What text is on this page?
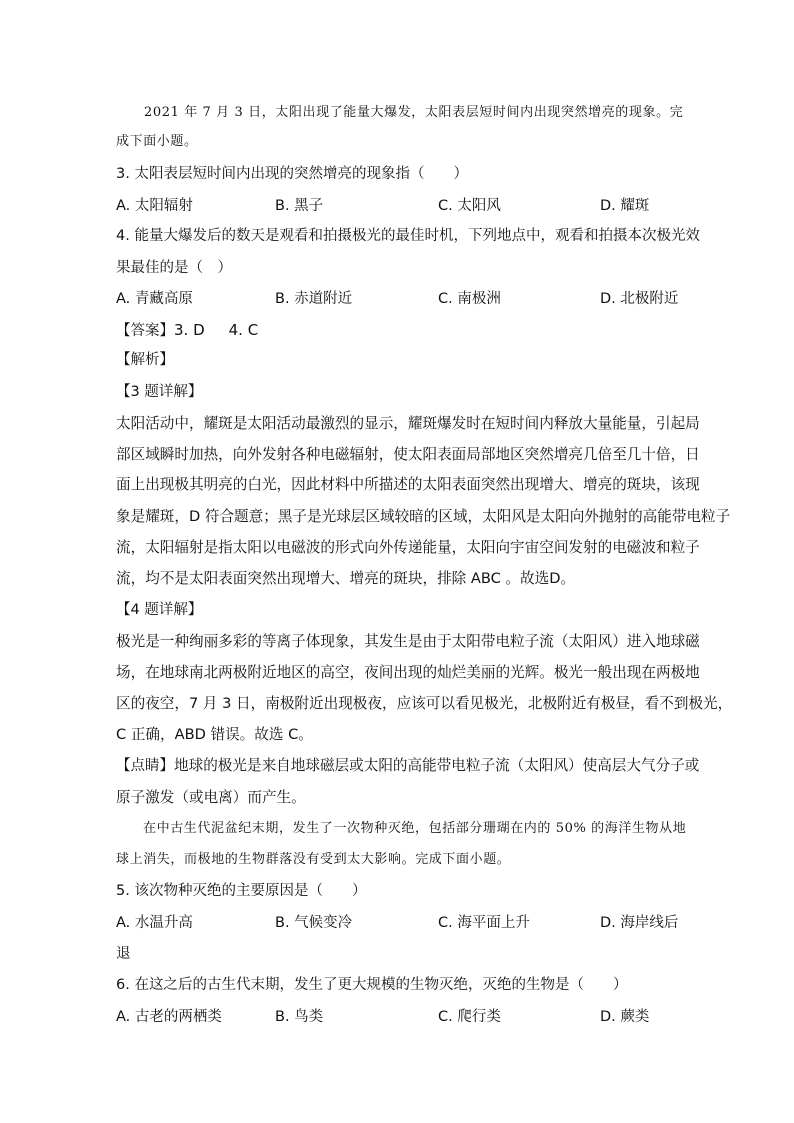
2021 年 7 月 3 日，太阳出现了能量大爆发，太阳表层短时间内出现突然增亮的现象。完
成下面小题。
3. 太阳表层短时间内出现的突然增亮的现象指（　　）
A. 太阳辐射	B. 黑子	C. 太阳风	D. 耀斑
4. 能量大爆发后的数天是观看和拍摄极光的最佳时机，下列地点中，观看和拍摄本次极光效
果最佳的是（　）
A. 青藏高原	B. 赤道附近	C. 南极洲	D. 北极附近
【答案】3. D 4. C
【解析】
【3 题详解】
太阳活动中，耀斑是太阳活动最激烈的显示，耀斑爆发时在短时间内释放大量能量，引起局
部区域瞬时加热，向外发射各种电磁辐射，使太阳表面局部地区突然增亮几倍至几十倍，日
面上出现极其明亮的白光，因此材料中所描述的太阳表面突然出现增大、增亮的斑块，该现
象是耀斑，D 符合题意；黑子是光球层区域较暗的区域，太阳风是太阳向外抛射的高能带电粒子
流，太阳辐射是指太阳以电磁波的形式向外传递能量，太阳向宇宙空间发射的电磁波和粒子
流，均不是太阳表面突然出现增大、增亮的斑块，排除 ABC 。故选D。
【4 题详解】
极光是一种绚丽多彩的等离子体现象，其发生是由于太阳带电粒子流（太阳风）进入地球磁
场，在地球南北两极附近地区的高空，夜间出现的灿烂美丽的光辉。极光一般出现在两极地
区的夜空，7 月 3 日，南极附近出现极夜，应该可以看见极光，北极附近有极昼，看不到极光，
C 正确，ABD 错误。故选 C。
【点睛】地球的极光是来自地球磁层或太阳的高能带电粒子流（太阳风）使高层大气分子或
原子激发（或电离）而产生。
在中古生代泥盆纪末期，发生了一次物种灭绝，包括部分珊瑚在内的 50% 的海洋生物从地
球上消失，而极地的生物群落没有受到太大影响。完成下面小题。
5. 该次物种灭绝的主要原因是（　　）
A. 水温升高	B. 气候变冷	C. 海平面上升	D. 海岸线后
退
6. 在这之后的古生代末期，发生了更大规模的生物灭绝，灭绝的生物是（　　）
A. 古老的两栖类	B. 鸟类	C. 爬行类	D. 蕨类
